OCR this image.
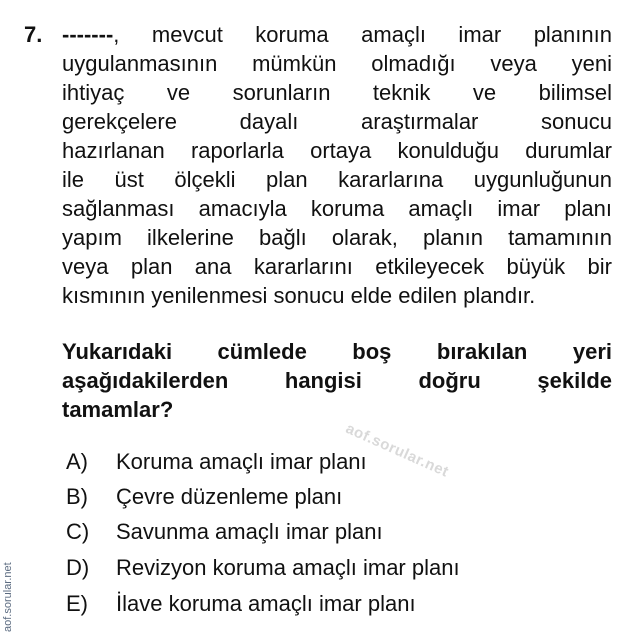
7. -------, mevcut koruma amaçlı imar planının
uygulanmasının mümkün olmadığı veya yeni
ihtiyaç ve sorunların teknik ve bilimsel
gerekçelere dayalı araştırmalar sonucu
hazırlanan raporlarla ortaya konulduğu durumlar
ile üst ölçekli plan kararlarına uygunluğunun
sağlanması amacıyla koruma amaçlı imar planı
yapım ilkelerine bağlı olarak, planın tamamının
veya plan ana kararlarını etkileyecek büyük bir
kısmının yenilenmesi sonucu elde edilen plandır.
Yukarıdaki cümlede boş bırakılan yeri
aşağıdakilerden hangisi doğru şekilde
tamamlar?
A) Koruma amaçlı imar planı
B) Çevre düzenleme planı
C) Savunma amaçlı imar planı
D) Revizyon koruma amaçlı imar planı
E) İlave koruma amaçlı imar planı
aof.sorular.net
aof.sorular.net
